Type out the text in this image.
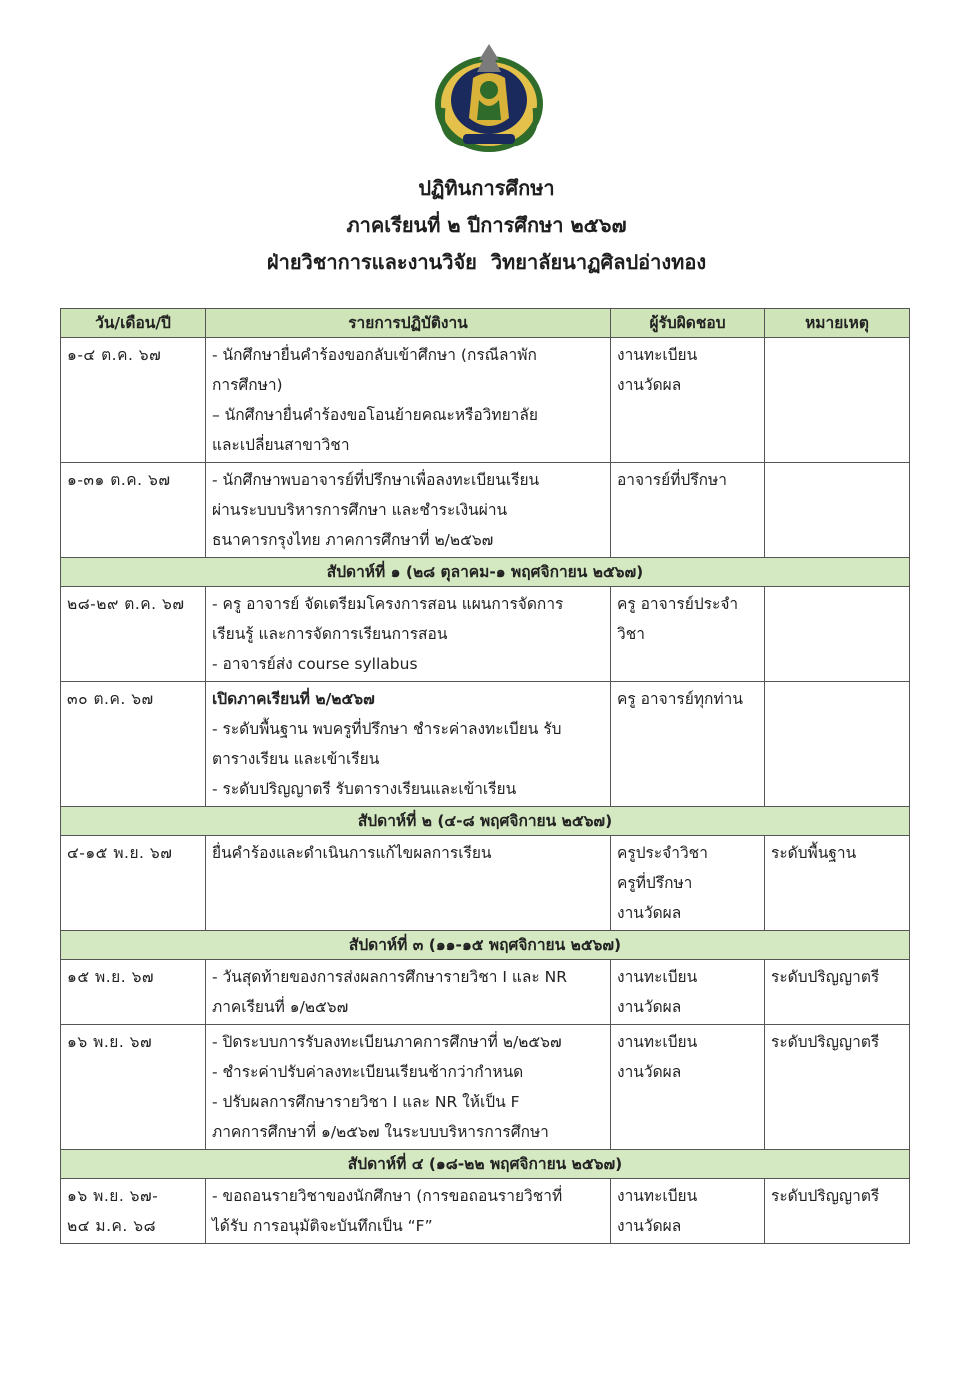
ปฏิทินการศึกษา
ภาคเรียนที่ ๒ ปีการศึกษา ๒๕๖๗
ฝ่ายวิชาการและงานวิจัย  วิทยาลัยนาฏศิลปอ่างทอง
วัน/เดือน/ปี	รายการปฏิบัติงาน	ผู้รับผิดชอบ	หมายเหตุ

๑-๔ ต.ค. ๖๗	- นักศึกษายื่นคำร้องขอกลับเข้าศึกษา (กรณีลาพัก
การศึกษา)
– นักศึกษายื่นคำร้องขอโอนย้ายคณะหรือวิทยาลัย
และเปลี่ยนสาขาวิชา	งานทะเบียน
งานวัดผล	

๑-๓๑ ต.ค. ๖๗	- นักศึกษาพบอาจารย์ที่ปรึกษาเพื่อลงทะเบียนเรียน
ผ่านระบบบริหารการศึกษา และชำระเงินผ่าน
ธนาคารกรุงไทย ภาคการศึกษาที่ ๒/๒๕๖๗	อาจารย์ที่ปรึกษา	

สัปดาห์ที่ ๑ (๒๘ ตุลาคม-๑ พฤศจิกายน ๒๕๖๗)			

๒๘-๒๙ ต.ค. ๖๗	- ครู อาจารย์ จัดเตรียมโครงการสอน แผนการจัดการ
เรียนรู้ และการจัดการเรียนการสอน
- อาจารย์ส่ง course syllabus	ครู อาจารย์ประจำ
วิชา	

๓๐ ต.ค. ๖๗	เปิดภาคเรียนที่ ๒/๒๕๖๗
- ระดับพื้นฐาน พบครูที่ปรึกษา ชำระค่าลงทะเบียน รับ
ตารางเรียน และเข้าเรียน
- ระดับปริญญาตรี รับตารางเรียนและเข้าเรียน	ครู อาจารย์ทุกท่าน	

สัปดาห์ที่ ๒ (๔-๘ พฤศจิกายน ๒๕๖๗)			

๔-๑๕ พ.ย. ๖๗	ยื่นคำร้องและดำเนินการแก้ไขผลการเรียน	ครูประจำวิชา
ครูที่ปรึกษา
งานวัดผล	ระดับพื้นฐาน

สัปดาห์ที่ ๓ (๑๑-๑๕ พฤศจิกายน ๒๕๖๗)			

๑๕ พ.ย. ๖๗	- วันสุดท้ายของการส่งผลการศึกษารายวิชา I และ NR
ภาคเรียนที่ ๑/๒๕๖๗	งานทะเบียน
งานวัดผล	ระดับปริญญาตรี

๑๖ พ.ย. ๖๗	- ปิดระบบการรับลงทะเบียนภาคการศึกษาที่ ๒/๒๕๖๗
- ชำระค่าปรับค่าลงทะเบียนเรียนช้ากว่ากำหนด
- ปรับผลการศึกษารายวิชา I และ NR ให้เป็น F
ภาคการศึกษาที่ ๑/๒๕๖๗ ในระบบบริหารการศึกษา	งานทะเบียน
งานวัดผล	ระดับปริญญาตรี

สัปดาห์ที่ ๔ (๑๘-๒๒ พฤศจิกายน ๒๕๖๗)			

๑๖ พ.ย. ๖๗-
๒๔ ม.ค. ๖๘	- ขอถอนรายวิชาของนักศึกษา (การขอถอนรายวิชาที่
ได้รับ การอนุมัติจะบันทึกเป็น “F”	งานทะเบียน
งานวัดผล	ระดับปริญญาตรี
